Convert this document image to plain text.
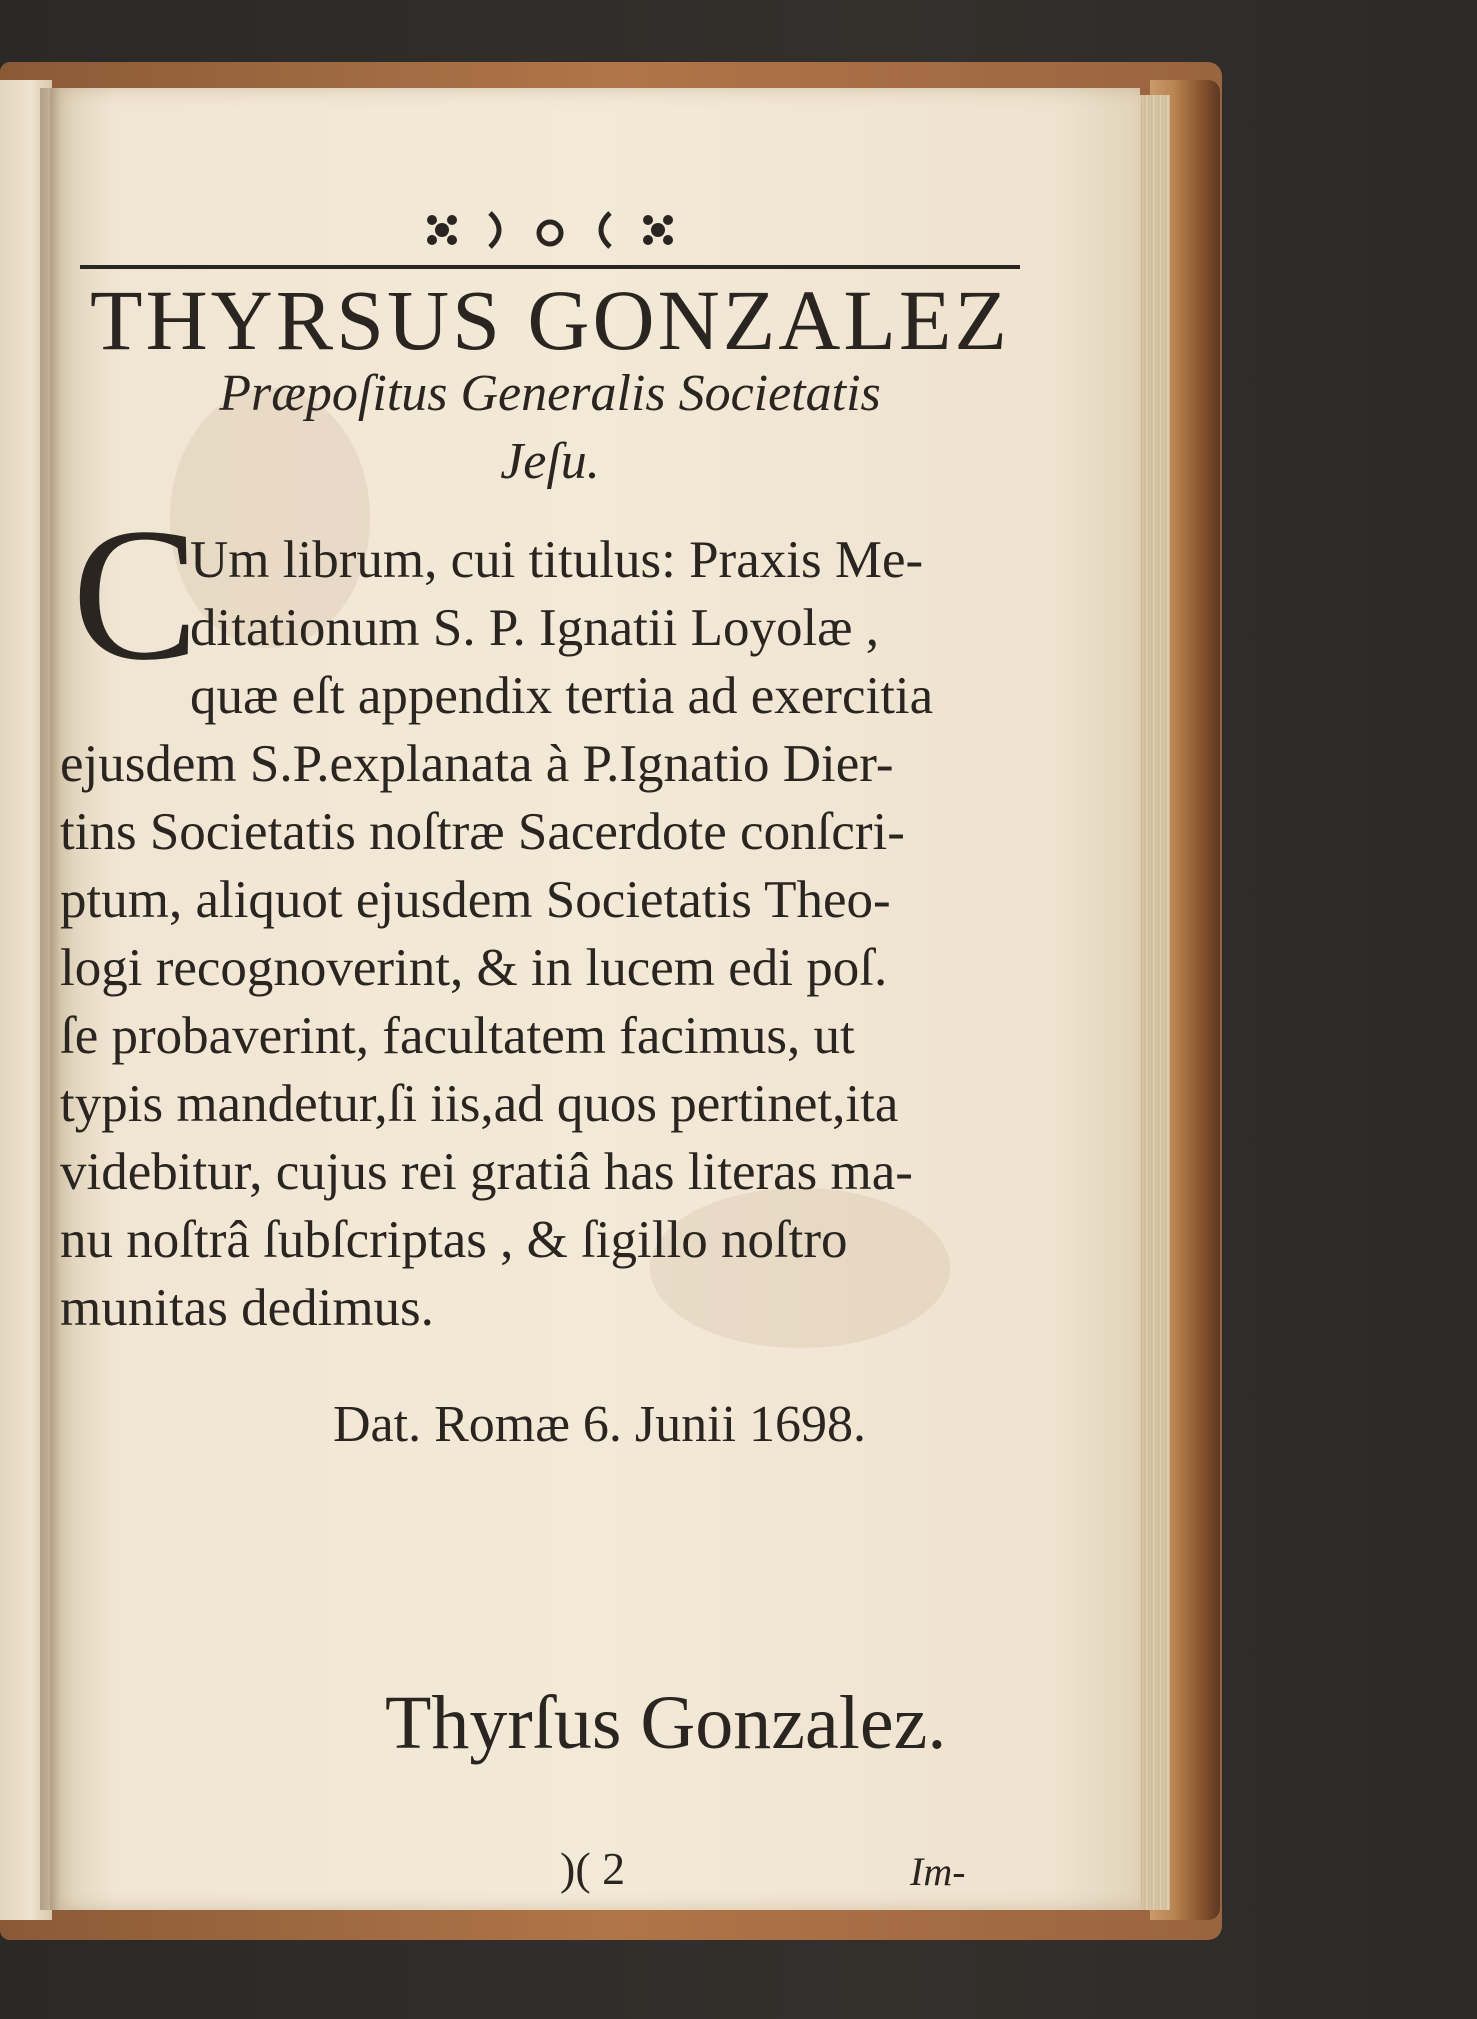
THYRSUS GONZALEZ
Præpoſitus Generalis Societatis
Jeſu.
C
Um librum, cui titulus: Praxis Me-
ditationum S. P. Ignatii Loyolæ ,
quæ eſt appendix tertia ad exercitia
ejusdem S.P.explanata à P.Ignatio Dier-
tins Societatis noſtræ Sacerdote conſcri-
ptum, aliquot ejusdem Societatis Theo-
logi recognoverint, & in lucem edi poſ.
ſe probaverint, facultatem facimus, ut
typis mandetur,ſi iis,ad quos pertinet,ita
videbitur, cujus rei gratiâ has literas ma-
nu noſtrâ ſubſcriptas , & ſigillo noſtro
munitas dedimus.
Dat. Romæ 6. Junii 1698.
Thyrſus Gonzalez.
)( 2	Im-
